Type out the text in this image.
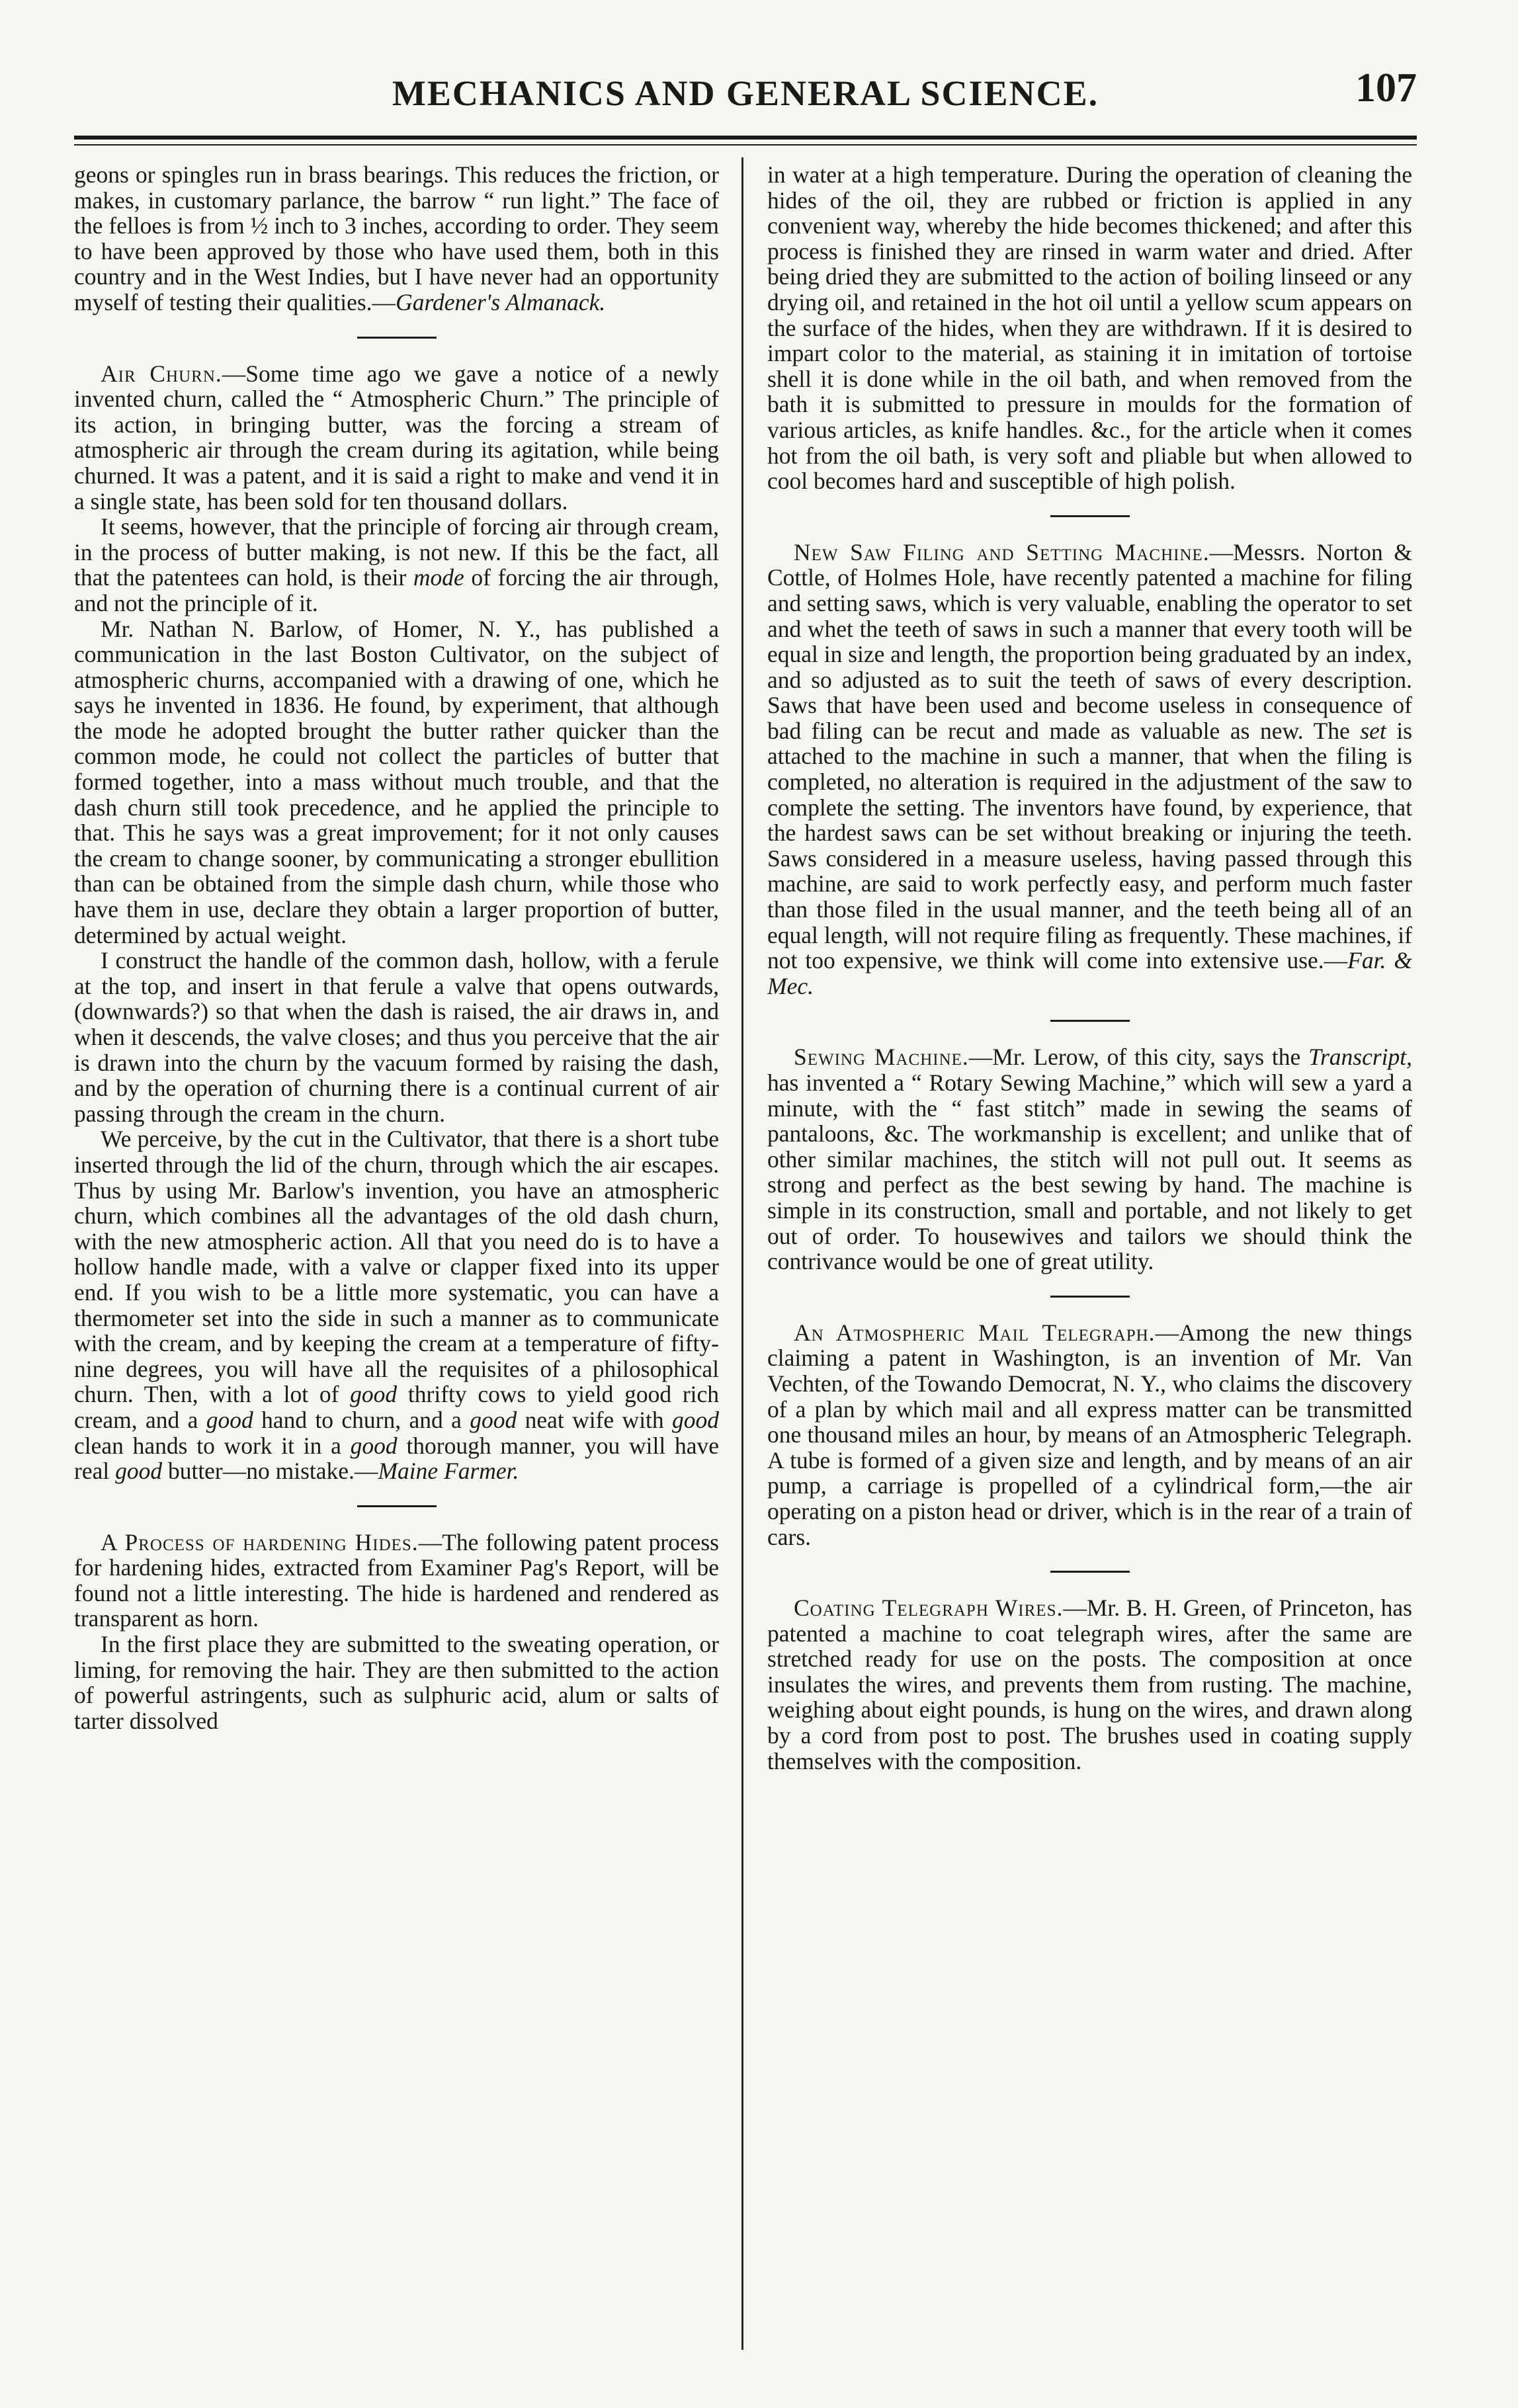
MECHANICS AND GENERAL SCIENCE.	107

geons or spingles run in brass bearings. This reduces the friction, or makes, in customary parlance, the barrow “ run light.” The face of the felloes is from ½ inch to 3 inches, according to order. They seem to have been approved by those who have used them, both in this country and in the West Indies, but I have never had an opportunity myself of testing their qualities.—Gardener's Almanack.

Air Churn.—Some time ago we gave a notice of a newly invented churn, called the “ Atmospheric Churn.” The principle of its action, in bringing butter, was the forcing a stream of atmospheric air through the cream during its agitation, while being churned. It was a patent, and it is said a right to make and vend it in a single state, has been sold for ten thousand dollars.

It seems, however, that the principle of forcing air through cream, in the process of butter making, is not new. If this be the fact, all that the patentees can hold, is their mode of forcing the air through, and not the principle of it.

Mr. Nathan N. Barlow, of Homer, N. Y., has published a communication in the last Boston Cultivator, on the subject of atmospheric churns, accompanied with a drawing of one, which he says he invented in 1836. He found, by experiment, that although the mode he adopted brought the butter rather quicker than the common mode, he could not collect the particles of butter that formed together, into a mass without much trouble, and that the dash churn still took precedence, and he applied the principle to that. This he says was a great improvement; for it not only causes the cream to change sooner, by communicating a stronger ebullition than can be obtained from the simple dash churn, while those who have them in use, declare they obtain a larger proportion of butter, determined by actual weight.

I construct the handle of the common dash, hollow, with a ferule at the top, and insert in that ferule a valve that opens outwards, (downwards?) so that when the dash is raised, the air draws in, and when it descends, the valve closes; and thus you perceive that the air is drawn into the churn by the vacuum formed by raising the dash, and by the operation of churning there is a continual current of air passing through the cream in the churn.

We perceive, by the cut in the Cultivator, that there is a short tube inserted through the lid of the churn, through which the air escapes. Thus by using Mr. Barlow's invention, you have an atmospheric churn, which combines all the advantages of the old dash churn, with the new atmospheric action. All that you need do is to have a hollow handle made, with a valve or clapper fixed into its upper end. If you wish to be a little more systematic, you can have a thermometer set into the side in such a manner as to communicate with the cream, and by keeping the cream at a temperature of fifty-nine degrees, you will have all the requisites of a philosophical churn. Then, with a lot of good thrifty cows to yield good rich cream, and a good hand to churn, and a good neat wife with good clean hands to work it in a good thorough manner, you will have real good butter—no mistake.—Maine Farmer.

A Process of hardening Hides.—The following patent process for hardening hides, extracted from Examiner Pag's Report, will be found not a little interesting. The hide is hardened and rendered as transparent as horn.

In the first place they are submitted to the sweating operation, or liming, for removing the hair. They are then submitted to the action of powerful astringents, such as sulphuric acid, alum or salts of tarter dissolved

in water at a high temperature. During the operation of cleaning the hides of the oil, they are rubbed or friction is applied in any convenient way, whereby the hide becomes thickened; and after this process is finished they are rinsed in warm water and dried. After being dried they are submitted to the action of boiling linseed or any drying oil, and retained in the hot oil until a yellow scum appears on the surface of the hides, when they are withdrawn. If it is desired to impart color to the material, as staining it in imitation of tortoise shell it is done while in the oil bath, and when removed from the bath it is submitted to pressure in moulds for the formation of various articles, as knife handles. &c., for the article when it comes hot from the oil bath, is very soft and pliable but when allowed to cool becomes hard and susceptible of high polish.

New Saw Filing and Setting Machine.—Messrs. Norton & Cottle, of Holmes Hole, have recently patented a machine for filing and setting saws, which is very valuable, enabling the operator to set and whet the teeth of saws in such a manner that every tooth will be equal in size and length, the proportion being graduated by an index, and so adjusted as to suit the teeth of saws of every description. Saws that have been used and become useless in consequence of bad filing can be recut and made as valuable as new. The set is attached to the machine in such a manner, that when the filing is completed, no alteration is required in the adjustment of the saw to complete the setting. The inventors have found, by experience, that the hardest saws can be set without breaking or injuring the teeth. Saws considered in a measure useless, having passed through this machine, are said to work perfectly easy, and perform much faster than those filed in the usual manner, and the teeth being all of an equal length, will not require filing as frequently. These machines, if not too expensive, we think will come into extensive use.—Far. & Mec.

Sewing Machine.—Mr. Lerow, of this city, says the Transcript, has invented a “ Rotary Sewing Machine,” which will sew a yard a minute, with the “ fast stitch” made in sewing the seams of pantaloons, &c. The workmanship is excellent; and unlike that of other similar machines, the stitch will not pull out. It seems as strong and perfect as the best sewing by hand. The machine is simple in its construction, small and portable, and not likely to get out of order. To housewives and tailors we should think the contrivance would be one of great utility.

An Atmospheric Mail Telegraph.—Among the new things claiming a patent in Washington, is an invention of Mr. Van Vechten, of the Towando Democrat, N. Y., who claims the discovery of a plan by which mail and all express matter can be transmitted one thousand miles an hour, by means of an Atmospheric Telegraph. A tube is formed of a given size and length, and by means of an air pump, a carriage is propelled of a cylindrical form,—the air operating on a piston head or driver, which is in the rear of a train of cars.

Coating Telegraph Wires.—Mr. B. H. Green, of Princeton, has patented a machine to coat telegraph wires, after the same are stretched ready for use on the posts. The composition at once insulates the wires, and prevents them from rusting. The machine, weighing about eight pounds, is hung on the wires, and drawn along by a cord from post to post. The brushes used in coating supply themselves with the composition.
